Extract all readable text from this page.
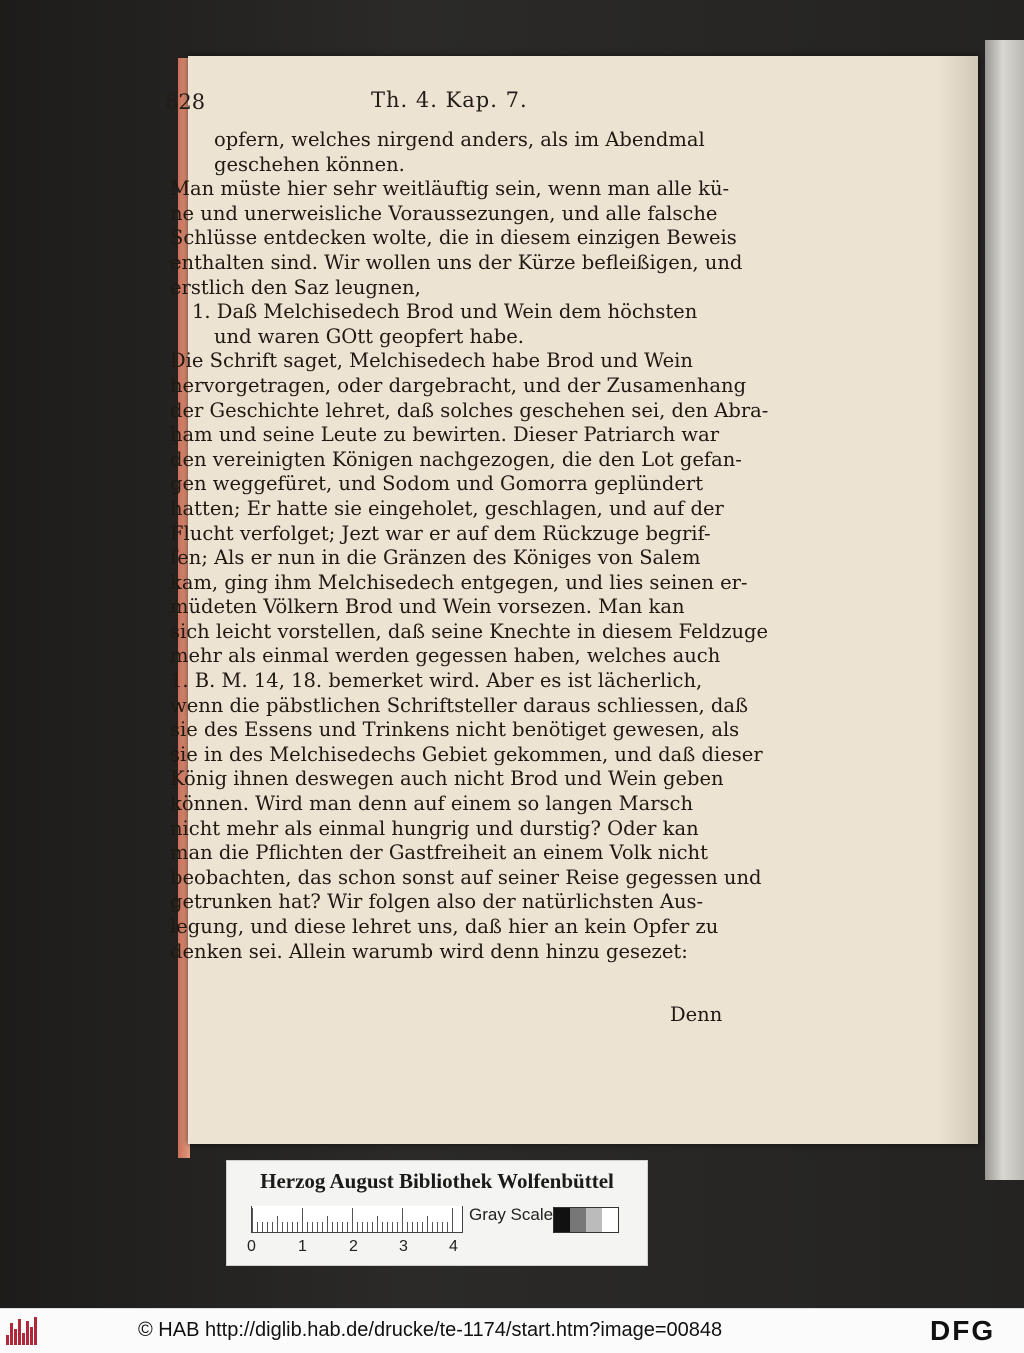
828	Th. 4. Kap. 7.
opfern, welches nirgend anders, als im Abendmal
geschehen können.
Man müste hier sehr weitläuftig sein, wenn man alle kü-
ne und unerweisliche Voraussezungen, und alle falsche
Schlüsse entdecken wolte, die in diesem einzigen Beweis
enthalten sind. Wir wollen uns der Kürze befleißigen, und
erstlich den Saz leugnen,
1. Daß Melchisedech Brod und Wein dem höchsten
und waren GOtt geopfert habe.
Die Schrift saget, Melchisedech habe Brod und Wein
hervorgetragen, oder dargebracht, und der Zusamenhang
der Geschichte lehret, daß solches geschehen sei, den Abra-
ham und seine Leute zu bewirten. Dieser Patriarch war
den vereinigten Königen nachgezogen, die den Lot gefan-
gen weggefüret, und Sodom und Gomorra geplündert
hatten; Er hatte sie eingeholet, geschlagen, und auf der
Flucht verfolget; Jezt war er auf dem Rückzuge begrif-
fen; Als er nun in die Gränzen des Königes von Salem
kam, ging ihm Melchisedech entgegen, und lies seinen er-
müdeten Völkern Brod und Wein vorsezen. Man kan
sich leicht vorstellen, daß seine Knechte in diesem Feldzuge
mehr als einmal werden gegessen haben, welches auch
1. B. M. 14, 18. bemerket wird. Aber es ist lächerlich,
wenn die päbstlichen Schriftsteller daraus schliessen, daß
sie des Essens und Trinkens nicht benötiget gewesen, als
sie in des Melchisedechs Gebiet gekommen, und daß dieser
König ihnen deswegen auch nicht Brod und Wein geben
können. Wird man denn auf einem so langen Marsch
nicht mehr als einmal hungrig und durstig? Oder kan
man die Pflichten der Gastfreiheit an einem Volk nicht
beobachten, das schon sonst auf seiner Reise gegessen und
getrunken hat? Wir folgen also der natürlichsten Aus-
legung, und diese lehret uns, daß hier an kein Opfer zu
denken sei. Allein warumb wird denn hinzu gesezet:
Denn
Herzog August Bibliothek Wolfenbüttel
0	1	2	3	4
Gray Scale
© HAB http://diglib.hab.de/drucke/te-1174/start.htm?image=00848	DFG
